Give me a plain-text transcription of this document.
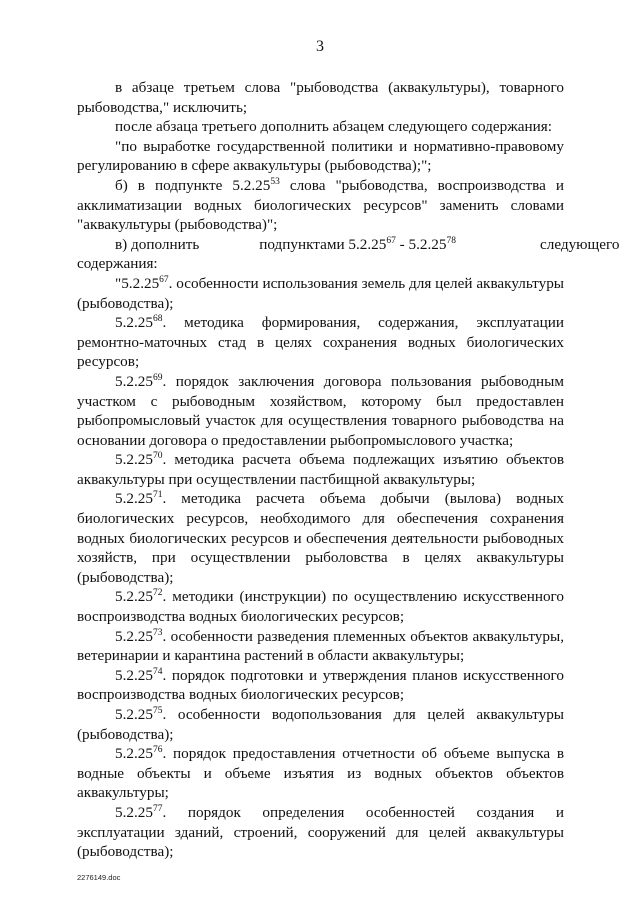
3

в абзаце третьем слова "рыбоводства (аквакультуры), товарного рыбоводства," исключить;

после абзаца третьего дополнить абзацем следующего содержания:

"по выработке государственной политики и нормативно-правовому регулированию в сфере аквакультуры (рыбоводства);";

б) в подпункте 5.2.25$^{53}$ слова "рыбоводства, воспроизводства и акклиматизации водных биологических ресурсов" заменить словами "аквакультуры (рыбоводства)";

в) дополнить	подпунктами 5.2.25$^{67}$ - 5.2.25$^{78}$	следующего

содержания:

"5.2.25$^{67}$. особенности использования земель для целей аквакультуры (рыбоводства);

5.2.25$^{68}$. методика формирования, содержания, эксплуатации ремонтно-маточных стад в целях сохранения водных биологических ресурсов;

5.2.25$^{69}$. порядок заключения договора пользования рыбоводным участком с рыбоводным хозяйством, которому был предоставлен рыбопромысловый участок для осуществления товарного рыбоводства на основании договора о предоставлении рыбопромыслового участка;

5.2.25$^{70}$. методика расчета объема подлежащих изъятию объектов аквакультуры при осуществлении пастбищной аквакультуры;

5.2.25$^{71}$. методика расчета объема добычи (вылова) водных биологических ресурсов, необходимого для обеспечения сохранения водных биологических ресурсов и обеспечения деятельности рыбоводных хозяйств, при осуществлении рыболовства в целях аквакультуры (рыбоводства);

5.2.25$^{72}$. методики (инструкции) по осуществлению искусственного воспроизводства водных биологических ресурсов;

5.2.25$^{73}$. особенности разведения племенных объектов аквакультуры, ветеринарии и карантина растений в области аквакультуры;

5.2.25$^{74}$. порядок подготовки и утверждения планов искусственного воспроизводства водных биологических ресурсов;

5.2.25$^{75}$. особенности водопользования для целей аквакультуры (рыбоводства);

5.2.25$^{76}$. порядок предоставления отчетности об объеме выпуска в водные объекты и объеме изъятия из водных объектов объектов аквакультуры;

5.2.25$^{77}$. порядок определения особенностей создания и эксплуатации зданий, строений, сооружений для целей аквакультуры (рыбоводства);

2276149.doc
